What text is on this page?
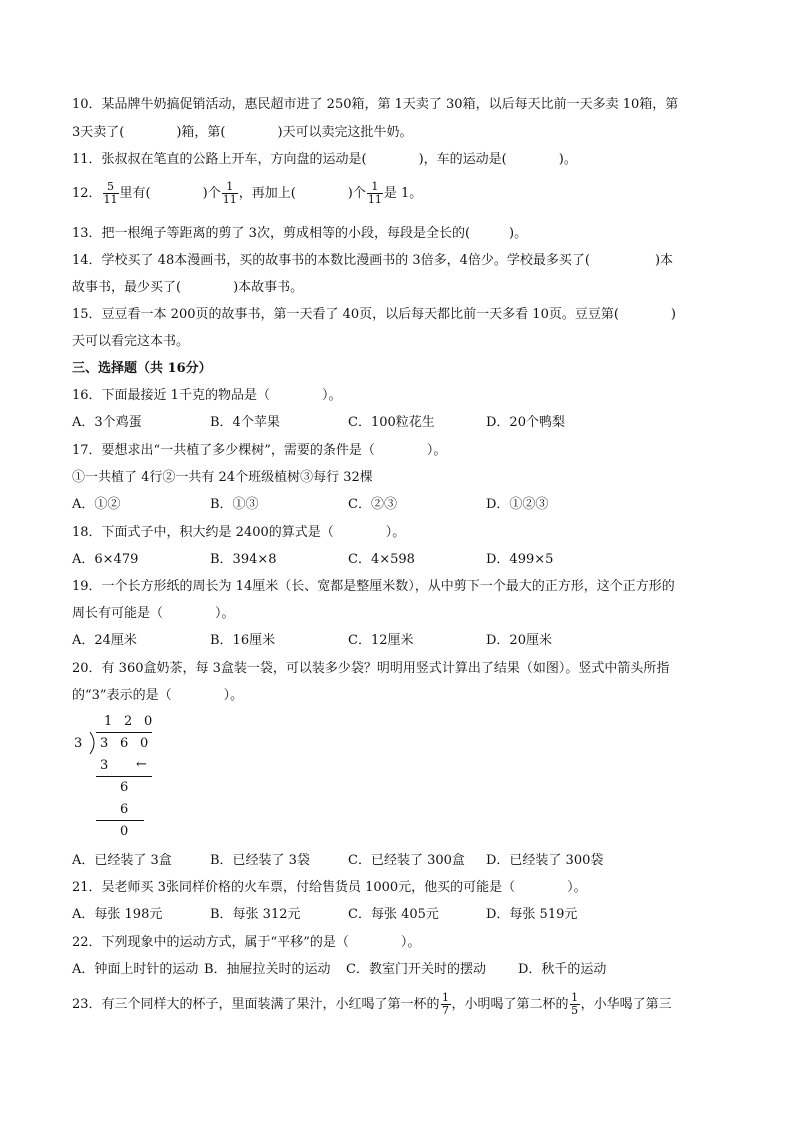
10．某品牌牛奶搞促销活动，惠民超市进了 250箱，第 1天卖了 30箱，以后每天比前一天多卖 10箱，第
3天卖了(　　　　)箱，第(　　　　)天可以卖完这批牛奶。
11．张叔叔在笔直的公路上开车，方向盘的运动是(　　　　)，车的运动是(　　　　)。
12． $\frac{5}{11}$ 里有(　　　　)个 $\frac{1}{11}$ ，再加上(　　　　)个 $\frac{1}{11}$ 是 1。
13．把一根绳子等距离的剪了 3次，剪成相等的小段，每段是全长的(　　　)。
14．学校买了 48本漫画书，买的故事书的本数比漫画书的 3倍多，4倍少。学校最多买了(　　　　　)本
故事书，最少买了(　　　　)本故事书。
15．豆豆看一本 200页的故事书，第一天看了 40页，以后每天都比前一天多看 10页。豆豆第(　　　　)
天可以看完这本书。
三、选择题（共 16分）
16．下面最接近 1千克的物品是（　　　　）。
A．3个鸡蛋	B．4个苹果	C．100粒花生	D．20个鸭梨
17．要想求出“一共植了多少棵树”，需要的条件是（　　　　）。
①一共植了 4行②一共有 24个班级植树③每行 32棵
A．①②	B．①③	C．②③	D．①②③
18．下面式子中，积大约是 2400的算式是（　　　　）。
A．6×479	B．394×8	C．4×598	D．499×5
19．一个长方形纸的周长为 14厘米（长、宽都是整厘米数），从中剪下一个最大的正方形，这个正方形的
周长有可能是（　　　　）。
A．24厘米	B．16厘米	C．12厘米	D．20厘米
20．有 360盒奶茶，每 3盒装一袋，可以装多少袋？明明用竖式计算出了结果（如图）。竖式中箭头所指
的“3”表示的是（　　　　）。
1 2 0
3 3 6 0
3 ←
6
6
0
A．已经装了 3盒	B．已经装了 3袋	C．已经装了 300盒 D．已经装了 300袋
21．吴老师买 3张同样价格的火车票，付给售货员 1000元，他买的可能是（　　　　）。
A．每张 198元	B．每张 312元	C．每张 405元	D．每张 519元
22．下列现象中的运动方式，属于“平移”的是（　　　　）。
A．钟面上时针的运动 B．抽屉拉关时的运动 C．教室门开关时的摆动 D．秋千的运动
23．有三个同样大的杯子，里面装满了果汁，小红喝了第一杯的 $\frac{1}{7}$ ，小明喝了第二杯的 $\frac{1}{5}$ ，小华喝了第三
